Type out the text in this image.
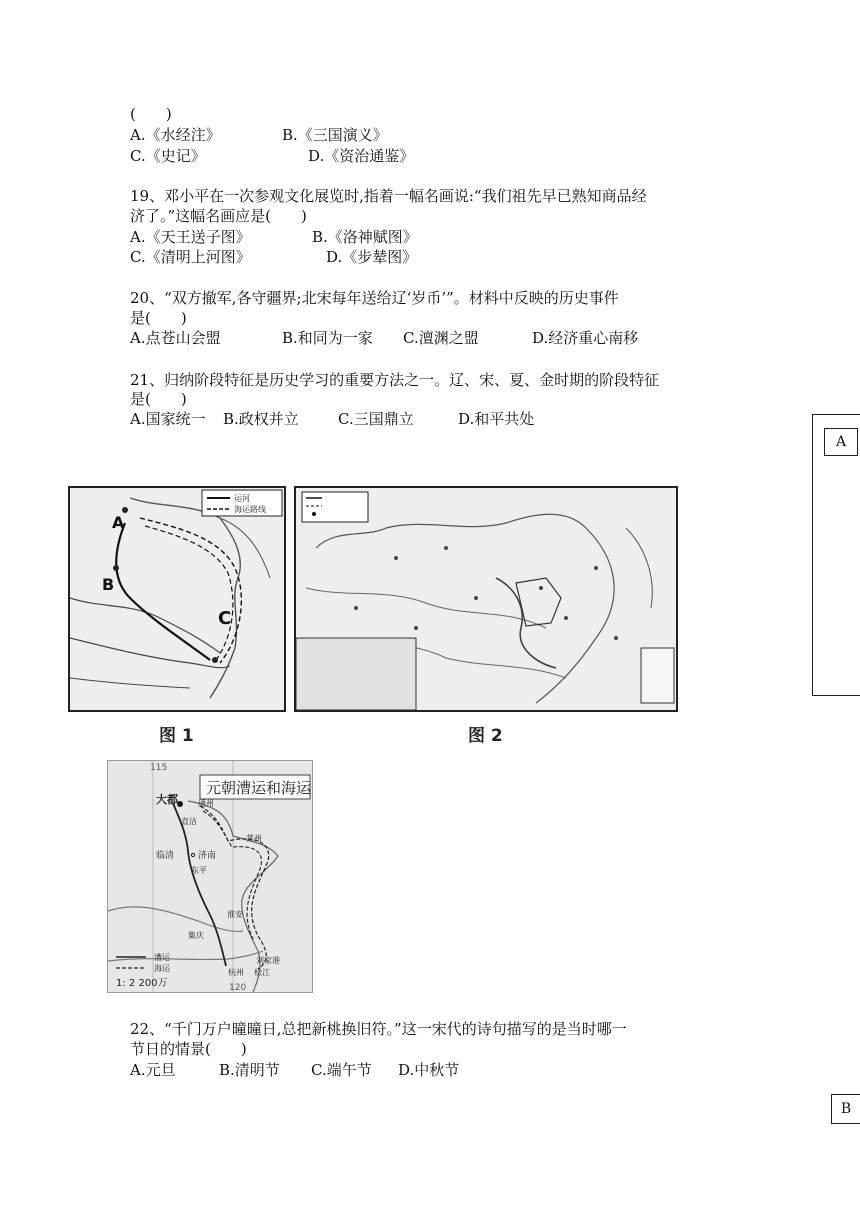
(　　)
A.《水经注》	B.《三国演义》
C.《史记》	D.《资治通鉴》
19、邓小平在一次参观文化展览时,指着一幅名画说:“我们祖先早已熟知商品经
济了。”这幅名画应是(　　)
A.《天王送子图》	B.《洛神赋图》
C.《清明上河图》	D.《步辇图》
20、“双方撤军,各守疆界;北宋每年送给辽‘岁币’”。材料中反映的历史事件
是(　　)
A.点苍山会盟	B.和同为一家 C.澶渊之盟	D.经济重心南移
21、归纳阶段特征是历史学习的重要方法之一。辽、宋、夏、金时期的阶段特征
是(　　)
A.国家统一 B.政权并立	C.三国鼎立	D.和平共处
运河
海运路线
A
B
C
图 1	图 2
元朝漕运和海运
115
120
大都	通州
直沽
临清	济南
东平
莱州
淮安
集庆
刘家港
松江
杭州
漕运
海运
1: 2 200万
22、“千门万户曈曈日,总把新桃换旧符。”这一宋代的诗句描写的是当时哪一
节日的情景(　　)
A.元旦	B.清明节 C.端午节 D.中秋节
A
B
